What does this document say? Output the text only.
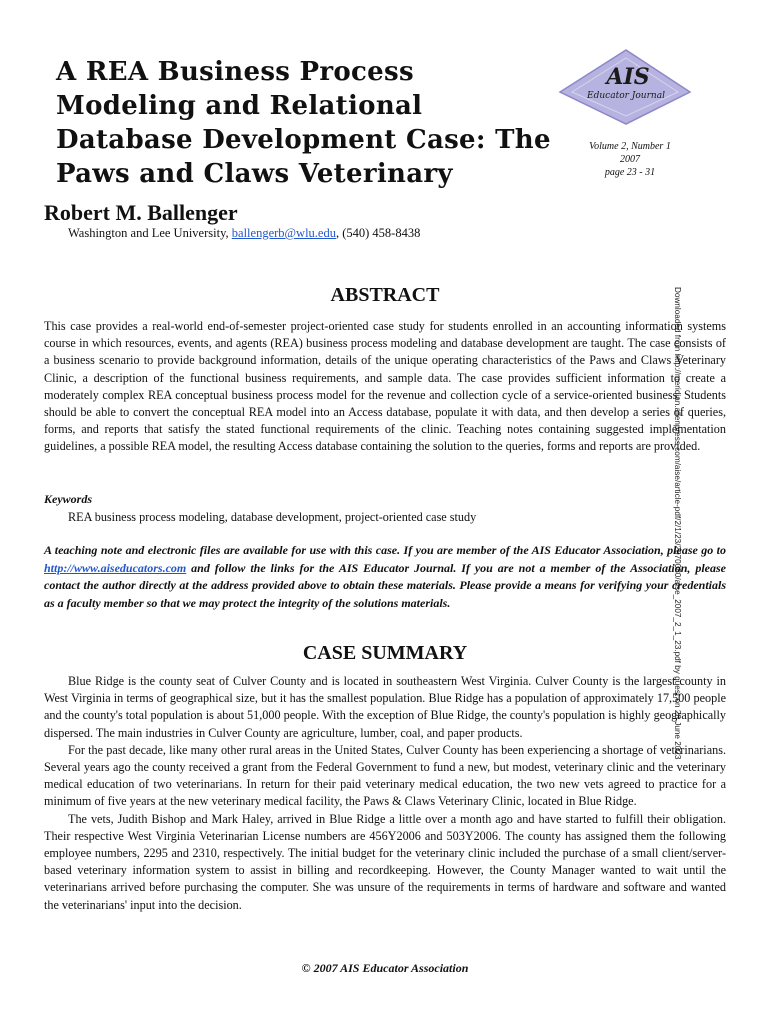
A REA Business Process
Modeling and Relational
Database Development Case: The
Paws and Claws Veterinary
AIS
Educator Journal
Volume 2, Number 1
2007
page 23 - 31
Robert M. Ballenger
Washington and Lee University, ballengerb@wlu.edu, (540) 458-8438
Downloaded from http://meridian.allenpress.com/aise/article-pdf/2/1/23/2070080/aise_2007_2_1_23.pdf by guest on 28 June 2023
ABSTRACT
This case provides a real-world end-of-semester project-oriented case study for students enrolled in an accounting information systems course in which resources, events, and agents (REA) business process modeling and database development are taught. The case consists of a business scenario to provide background information, details of the unique operating characteristics of the Paws and Claws Veterinary Clinic, a description of the functional business requirements, and sample data. The case provides sufficient information to create a moderately complex REA conceptual business process model for the revenue and collection cycle of a service-oriented business. Students should be able to convert the conceptual REA model into an Access database, populate it with data, and then develop a series of queries, forms, and reports that satisfy the stated functional requirements of the clinic. Teaching notes containing suggested implementation guidelines, a possible REA model, the resulting Access database containing the solution to the queries, forms and reports are provided.
Keywords
REA business process modeling, database development, project-oriented case study
A teaching note and electronic files are available for use with this case. If you are member of the AIS Educator Association, please go to http://www.aiseducators.com and follow the links for the AIS Educator Journal. If you are not a member of the Association, please contact the author directly at the address provided above to obtain these materials. Please provide a means for verifying your credentials as a faculty member so that we may protect the integrity of the solutions materials.
CASE SUMMARY

Blue Ridge is the county seat of Culver County and is located in southeastern West Virginia. Culver County is the largest county in West Virginia in terms of geographical size, but it has the smallest population. Blue Ridge has a population of approximately 17,500 people and the county's total population is about 51,000 people. With the exception of Blue Ridge, the county's population is highly geographically dispersed. The main industries in Culver County are agriculture, lumber, coal, and paper products.

For the past decade, like many other rural areas in the United States, Culver County has been experiencing a shortage of veterinarians. Several years ago the county received a grant from the Federal Government to fund a new, but modest, veterinary clinic and the veterinary medical education of two veterinarians. In return for their paid veterinary medical education, the two new vets agreed to practice for a minimum of five years at the new veterinary medical facility, the Paws & Claws Veterinary Clinic, located in Blue Ridge.

The vets, Judith Bishop and Mark Haley, arrived in Blue Ridge a little over a month ago and have started to fulfill their obligation. Their respective West Virginia Veterinarian License numbers are 456Y2006 and 503Y2006. The county has assigned them the following employee numbers, 2295 and 2310, respectively. The initial budget for the veterinary clinic included the purchase of a small client/server-based veterinary information system to assist in billing and recordkeeping. However, the County Manager wanted to wait until the veterinarians arrived before purchasing the computer. She was unsure of the requirements in terms of hardware and software and wanted the veterinarians' input into the decision.

© 2007 AIS Educator Association
